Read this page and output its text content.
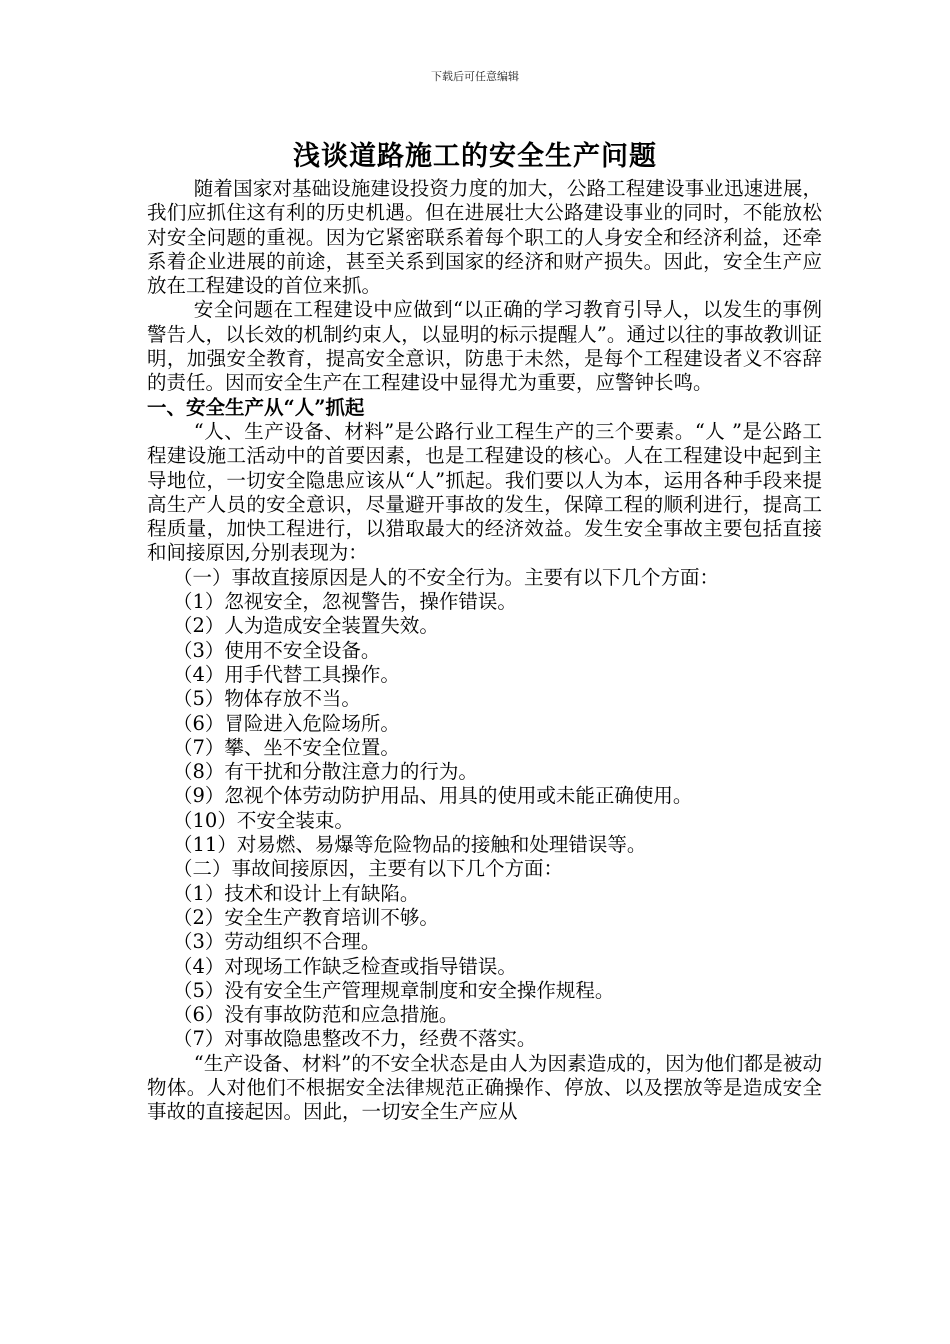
下载后可任意编辑
浅谈道路施工的安全生产问题

随着国家对基础设施建设投资力度的加大，公路工程建设事业迅速进展，我们应抓住这有利的历史机遇。但在进展壮大公路建设事业的同时，不能放松对安全问题的重视。因为它紧密联系着每个职工的人身安全和经济利益，还牵系着企业进展的前途，甚至关系到国家的经济和财产损失。因此，安全生产应放在工程建设的首位来抓。

安全问题在工程建设中应做到“以正确的学习教育引导人，以发生的事例警告人，以长效的机制约束人，以显明的标示提醒人”。通过以往的事故教训证明，加强安全教育，提高安全意识，防患于未然，是每个工程建设者义不容辞的责任。因而安全生产在工程建设中显得尤为重要，应警钟长鸣。

一、安全生产从“人”抓起

“人、生产设备、材料”是公路行业工程生产的三个要素。“人 ”是公路工程建设施工活动中的首要因素，也是工程建设的核心。人在工程建设中起到主导地位，一切安全隐患应该从“人”抓起。我们要以人为本，运用各种手段来提高生产人员的安全意识，尽量避开事故的发生，保障工程的顺利进行，提高工程质量，加快工程进行，以猎取最大的经济效益。发生安全事故主要包括直接和间接原因,分别表现为：

（一）事故直接原因是人的不安全行为。主要有以下几个方面：

（1）忽视安全，忽视警告，操作错误。
（2）人为造成安全装置失效。
（3）使用不安全设备。
（4）用手代替工具操作。
（5）物体存放不当。
（6）冒险进入危险场所。
（7）攀、坐不安全位置。
（8）有干扰和分散注意力的行为。
（9）忽视个体劳动防护用品、用具的使用或未能正确使用。
（10）不安全装束。
（11）对易燃、易爆等危险物品的接触和处理错误等。

（二）事故间接原因，主要有以下几个方面：

（1）技术和设计上有缺陷。
（2）安全生产教育培训不够。
（3）劳动组织不合理。
（4）对现场工作缺乏检查或指导错误。
（5）没有安全生产管理规章制度和安全操作规程。
（6）没有事故防范和应急措施。
（7）对事故隐患整改不力，经费不落实。

“生产设备、材料”的不安全状态是由人为因素造成的，因为他们都是被动物体。人对他们不根据安全法律规范正确操作、停放、以及摆放等是造成安全事故的直接起因。因此，一切安全生产应从
